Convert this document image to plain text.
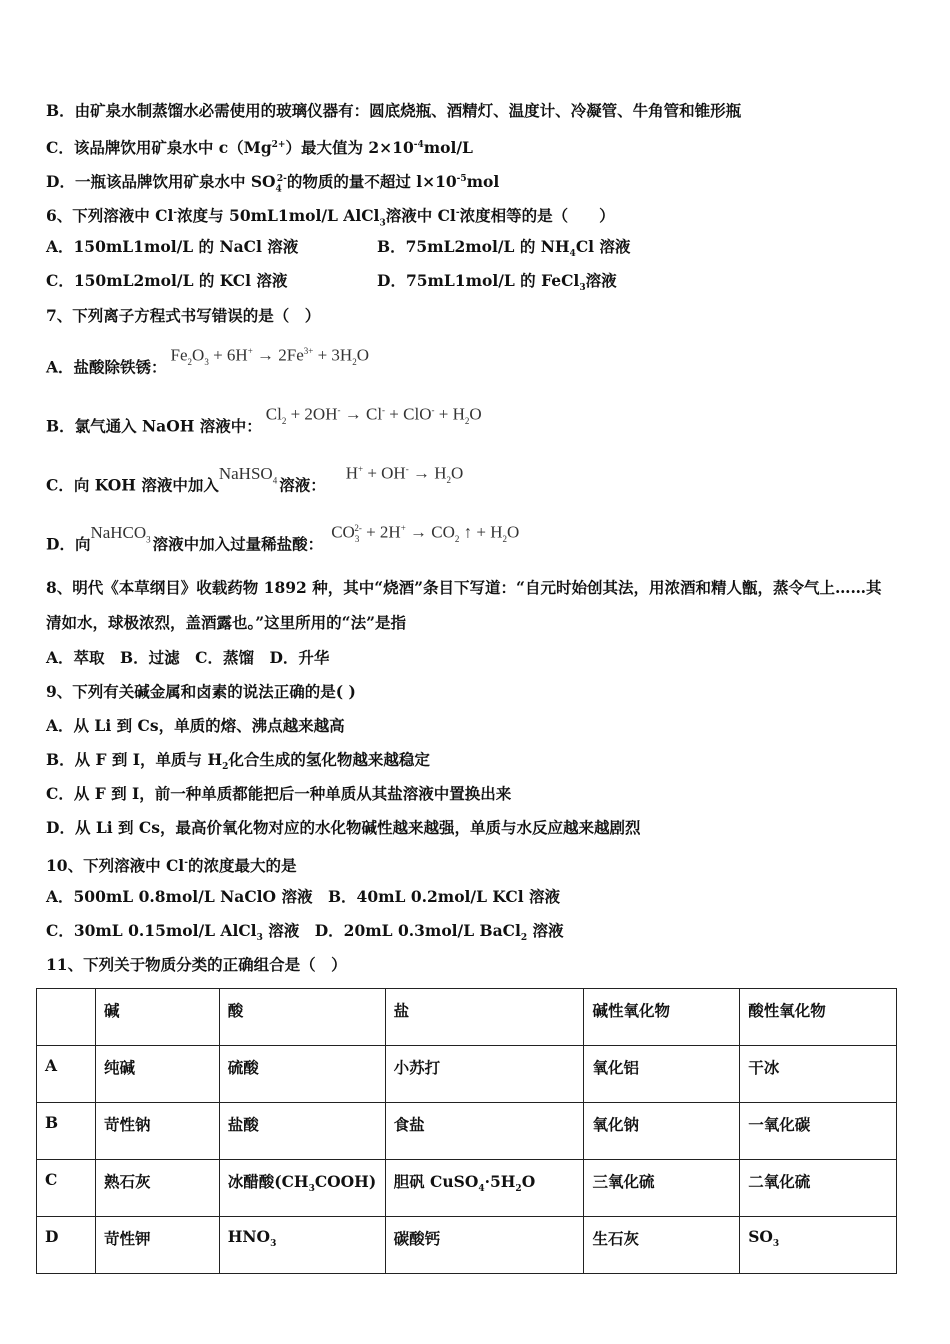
B．由矿泉水制蒸馏水必需使用的玻璃仪器有：圆底烧瓶、酒精灯、温度计、冷凝管、牛角管和锥形瓶
C．该品牌饮用矿泉水中 $c(Mg^{2+})$最大值为 $2\times 10^{-4}mol/L$
D．一瓶该品牌饮用矿泉水中 $SO_4^{2-}$的物质的量不超过 $l\times 10^{-5}mol$
6、下列溶液中 Cl-浓度与 50mL1mol/L AlCl$_3$溶液中 Cl-浓度相等的是（　　）
A．150mL1mol/L 的 NaCl 溶液	B．75mL2mol/L 的 $NH_4Cl$ 溶液
C．150mL2mol/L 的 KCl 溶液	D．75mL1mol/L 的 FeCl$_3$溶液
7、下列离子方程式书写错误的是（　）
A．盐酸除铁锈：$Fe_2O_3 + 6H^+ \to 2Fe^{3+} + 3H_2O$
B．氯气通入 NaOH 溶液中：$Cl_2 + 2OH^- \to Cl^- + ClO^- + H_2O$
C．向 KOH 溶液中加入NaHSO$_4$ 溶液：$H^+ + OH^- \to H_2O$
D．向NaHCO$_3$ 溶液中加入过量稀盐酸：$CO_3^{2-} + 2H^+ \to CO_2$ ↑ + $H_2O$
8、明代《本草纲目》收载药物 1892 种，其中“烧酒”条目下写道：“自元时始创其法，用浓酒和精人甑，蒸令气上……其
清如水，球极浓烈，盖酒露也。”这里所用的“法”是指
A．萃取　B．过滤　C．蒸馏　D．升华
9、下列有关碱金属和卤素的说法正确的是( )
A．从 Li 到 Cs，单质的熔、沸点越来越高
B．从 F 到 I，单质与 $H_2$化合生成的氢化物越来越稳定
C．从 F 到 I，前一种单质都能把后一种单质从其盐溶液中置换出来
D．从 Li 到 Cs，最高价氧化物对应的水化物碱性越来越强，单质与水反应越来越剧烈
10、下列溶液中 Cl-的浓度最大的是
A．500mL 0.8mol/L NaClO 溶液　B．40mL 0.2mol/L KCl 溶液
C．30mL 0.15mol/L AlCl$_3$ 溶液　D．20mL 0.3mol/L BaCl$_2$ 溶液
11、下列关于物质分类的正确组合是（　）
	碱	酸	盐	碱性氧化物	酸性氧化物
A	纯碱	硫酸	小苏打	氧化铝	干冰
B	苛性钠	盐酸	食盐	氧化钠	一氧化碳
C	熟石灰	冰醋酸$(CH_3COOH)$	胆矾 $CuSO_4\cdot 5H_2O$	三氧化硫	二氧化硫
D	苛性钾	$HNO_3$	碳酸钙	生石灰	$SO_3$
